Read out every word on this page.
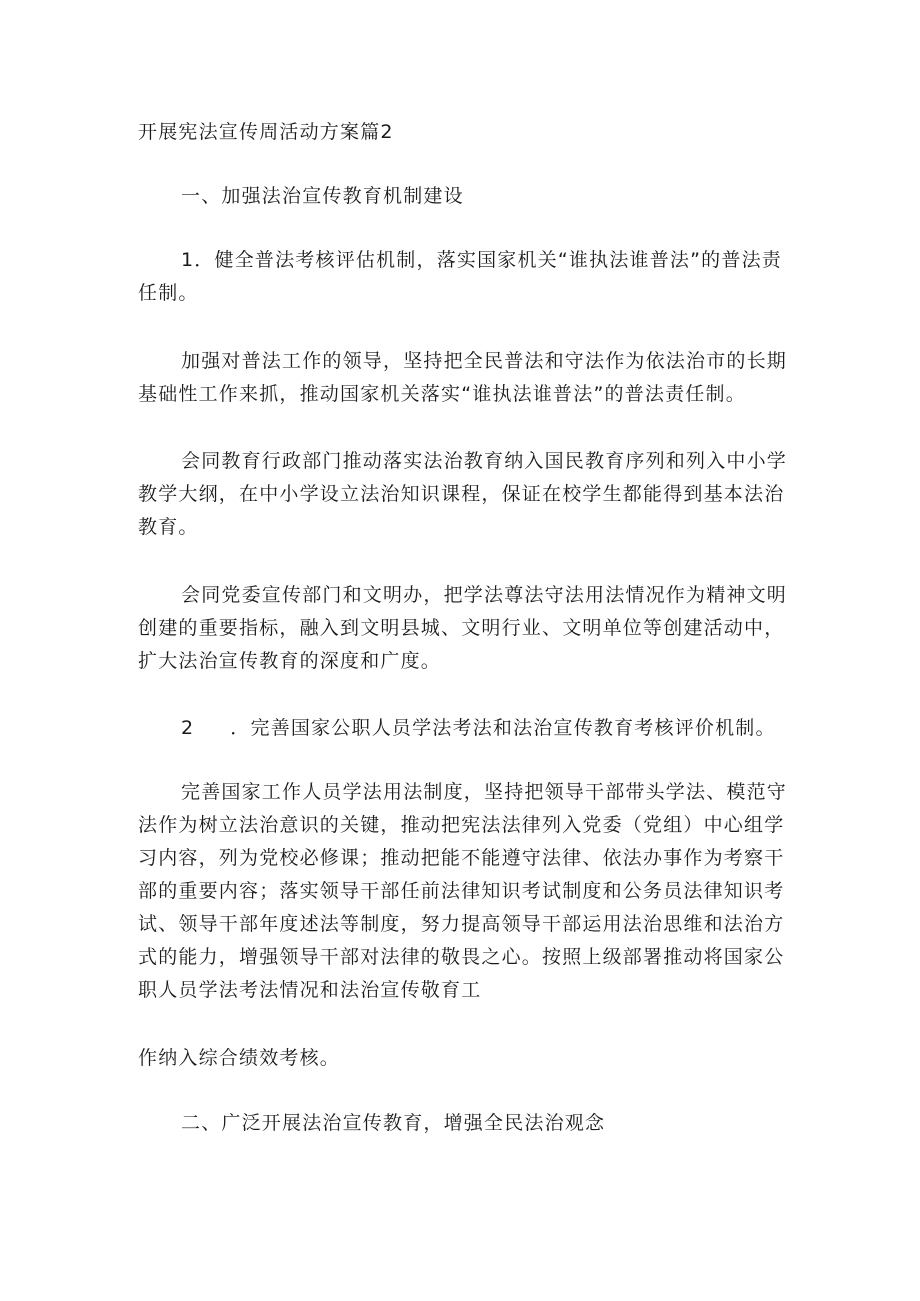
开展宪法宣传周活动方案篇2
一、加强法治宣传教育机制建设
1．健全普法考核评估机制，落实国家机关“谁执法谁普法”的普法责
任制。
加强对普法工作的领导，坚持把全民普法和守法作为依法治市的长期
基础性工作来抓，推动国家机关落实“谁执法谁普法”的普法责任制。
会同教育行政部门推动落实法治教育纳入国民教育序列和列入中小学
教学大纲，在中小学设立法治知识课程，保证在校学生都能得到基本法治
教育。
会同党委宣传部门和文明办，把学法尊法守法用法情况作为精神文明
创建的重要指标，融入到文明县城、文明行业、文明单位等创建活动中，
扩大法治宣传教育的深度和广度。
2 ．完善国家公职人员学法考法和法治宣传教育考核评价机制。
完善国家工作人员学法用法制度，坚持把领导干部带头学法、模范守
法作为树立法治意识的关键，推动把宪法法律列入党委（党组）中心组学
习内容，列为党校必修课；推动把能不能遵守法律、依法办事作为考察干
部的重要内容；落实领导干部任前法律知识考试制度和公务员法律知识考
试、领导干部年度述法等制度，努力提高领导干部运用法治思维和法治方
式的能力，增强领导干部对法律的敬畏之心。按照上级部署推动将国家公
职人员学法考法情况和法治宣传敬育工
作纳入综合绩效考核。
二、广泛开展法治宣传教育，增强全民法治观念
